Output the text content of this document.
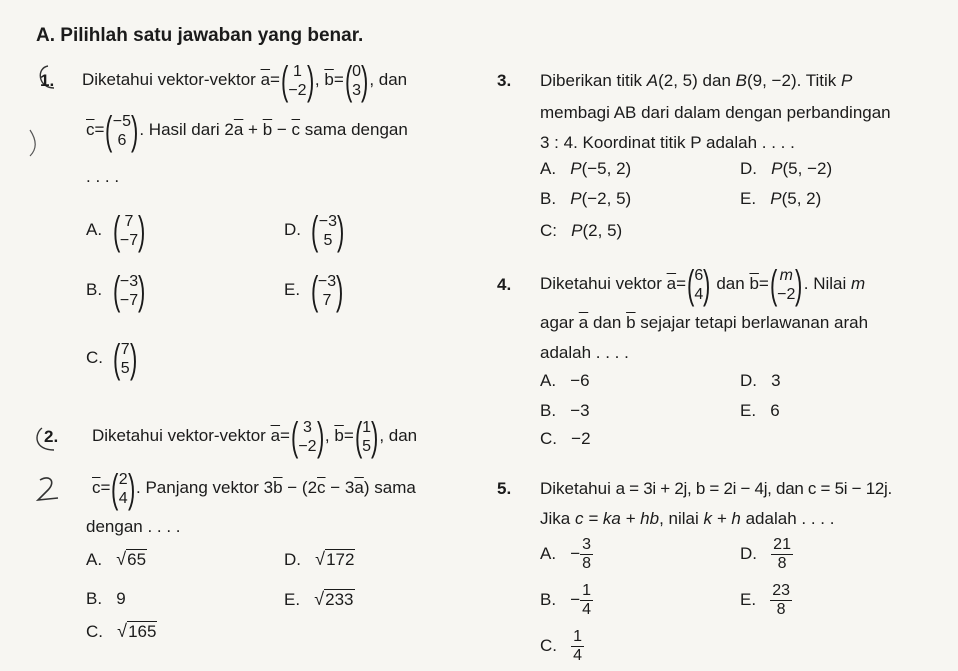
A. Pilihlah satu jawaban yang benar.
1. Diketahui vektor-vektor $\overline{a}=$ ( 1
−2 ) , $\overline{b}=$ ( 0
3 ) , dan
$\overline{c}=$ ( −5
6 ) . Hasil dari $2\overline{a} + \overline{b} - \overline{c}$ sama dengan
. . . .
A. ( 7
−7 )
B. ( −3
−7 )
C. ( 7
5 )
D. ( −3
5 )
E. ( −3
7 )
2. Diketahui vektor-vektor $\overline{a}=$ ( 3
−2 ) , $\overline{b}=$ ( 1
5 ) , dan
$\overline{c}=$ ( 2
4 ) . Panjang vektor $3\overline{b} - (2\overline{c} - 3\overline{a})$ sama
dengan . . . .
A. √65
B. 9
C. √165
D. √172
E. √233
3. Diberikan titik A(2, 5) dan B(9, −2). Titik P
membagi AB dari dalam dengan perbandingan
3 : 4. Koordinat titik P adalah . . . .
A. P(−5, 2)
B. P(−2, 5)
C: P(2, 5)
D. P(5, −2)
E. P(5, 2)
4. Diketahui vektor $\overline{a}=$ ( 6
4 ) dan $\overline{b}=$ ( m
−2 ) . Nilai m
agar $\overline{a}$ dan $\overline{b}$ sejajar tetapi berlawanan arah
adalah . . . .
A. −6
B. −3
C. −2
D. 3
E. 6
5. Diketahui a = 3i + 2j, b = 2i − 4j, dan c = 5i − 12j.
Jika c = ka + hb, nilai k + h adalah . . . .
A. − $\frac{3}{8}$
B. − $\frac{1}{4}$
C. $\frac{1}{4}$
D. $\frac{21}{8}$
E. $\frac{23}{8}$
